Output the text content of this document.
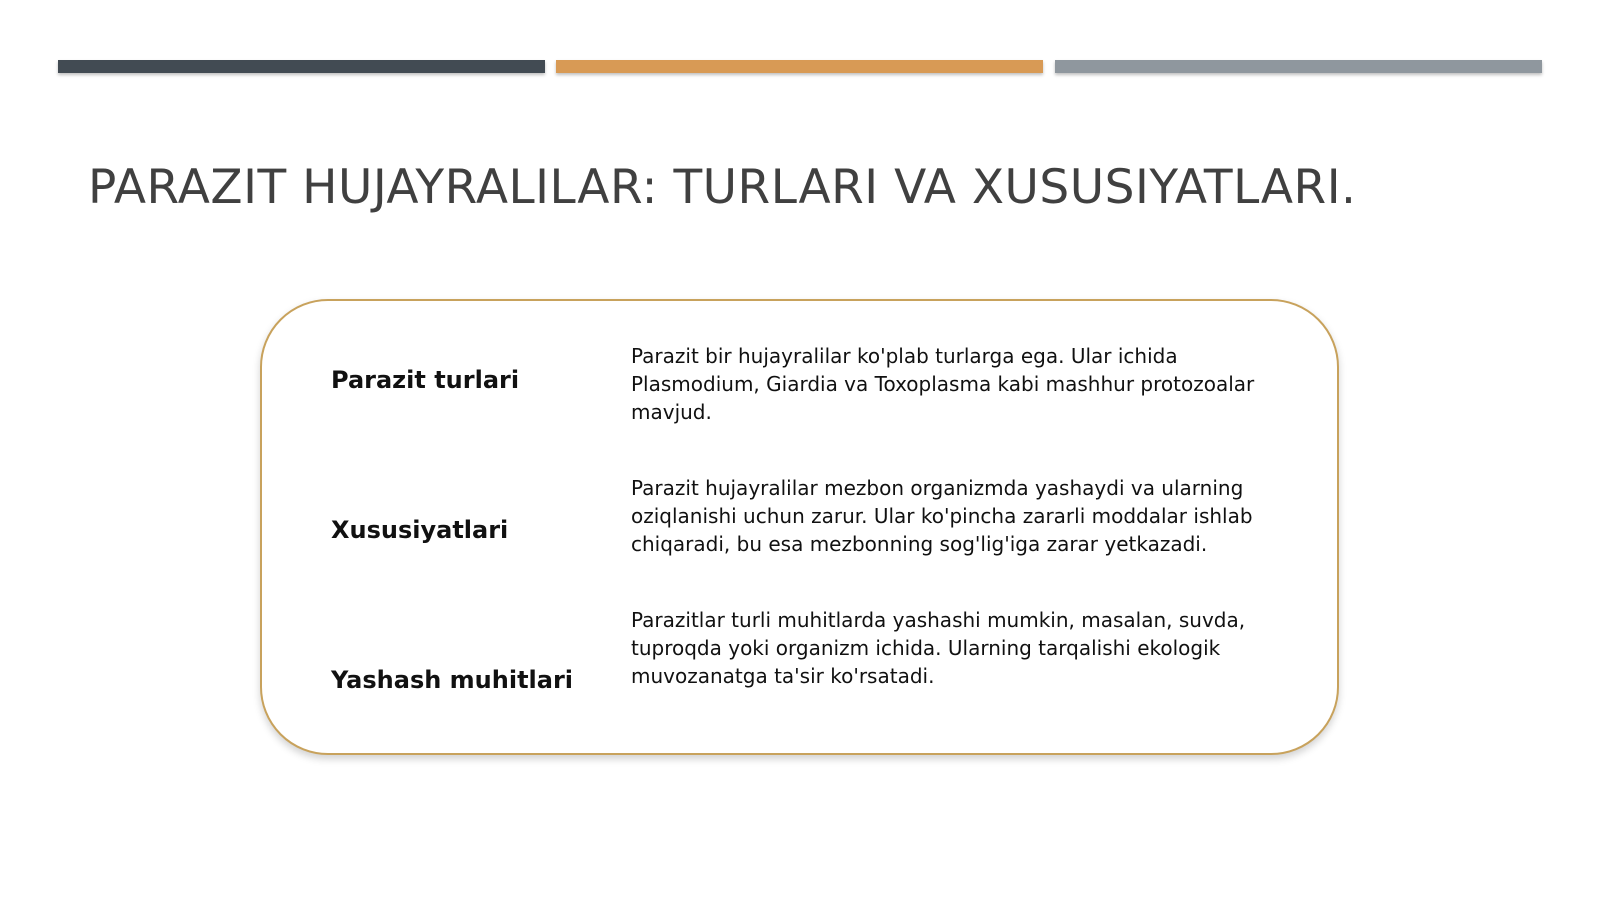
PARAZIT HUJAYRALILAR: TURLARI VA XUSUSIYATLARI.
Parazit turlari

Parazit bir hujayralilar ko'plab turlarga ega. Ular ichida Plasmodium, Giardia va Toxoplasma kabi mashhur protozoalar mavjud.

Xususiyatlari

Parazit hujayralilar mezbon organizmda yashaydi va ularning oziqlanishi uchun zarur. Ular ko'pincha zararli moddalar ishlab chiqaradi, bu esa mezbonning sog'lig'iga zarar yetkazadi.

Yashash muhitlari

Parazitlar turli muhitlarda yashashi mumkin, masalan, suvda, tuproqda yoki organizm ichida. Ularning tarqalishi ekologik muvozanatga ta'sir ko'rsatadi.
